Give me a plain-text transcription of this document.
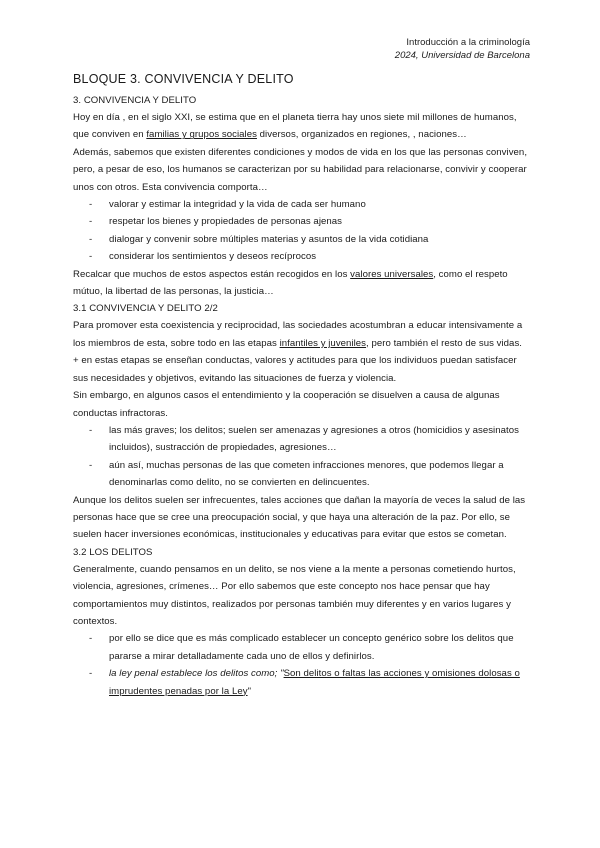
Introducción a la criminología
2024, Universidad de Barcelona
BLOQUE 3. CONVIVENCIA Y DELITO
3. CONVIVENCIA Y DELITO

Hoy en día , en el siglo XXI, se estima que en el planeta tierra hay unos siete mil millones de humanos, que conviven en familias y grupos sociales diversos, organizados en regiones, , naciones…

Además, sabemos que existen diferentes condiciones y modos de vida en los que las personas conviven, pero, a pesar de eso, los humanos se caracterizan por su habilidad para relacionarse, convivir y cooperar unos con otros. Esta convivencia comporta…

- valorar y estimar la integridad y la vida de cada ser humano
- respetar los bienes y propiedades de personas ajenas
- dialogar y convenir sobre múltiples materias y asuntos de la vida cotidiana
- considerar los sentimientos y deseos recíprocos

Recalcar que muchos de estos aspectos están recogidos en los valores universales, como el respeto mútuo, la libertad de las personas, la justicia…

3.1 CONVIVENCIA Y DELITO 2/2

Para promover esta coexistencia y reciprocidad, las sociedades acostumbran a educar intensivamente a los miembros de esta, sobre todo en las etapas infantiles y juveniles, pero también el resto de sus vidas.

+ en estas etapas se enseñan conductas, valores y actitudes para que los individuos puedan satisfacer sus necesidades y objetivos, evitando las situaciones de fuerza y violencia.

Sin embargo, en algunos casos el entendimiento y la cooperación se disuelven a causa de algunas conductas infractoras.

- las más graves; los delitos; suelen ser amenazas y agresiones a otros (homicidios y asesinatos incluidos), sustracción de propiedades, agresiones…
- aún así, muchas personas de las que cometen infracciones menores, que podemos llegar a denominarlas como delito, no se convierten en delincuentes.

Aunque los delitos suelen ser infrecuentes, tales acciones que dañan la mayoría de veces la salud de las personas hace que se cree una preocupación social, y que haya una alteración de la paz. Por ello, se suelen hacer inversiones económicas, institucionales y educativas para evitar que estos se cometan.

3.2 LOS DELITOS

Generalmente, cuando pensamos en un delito, se nos viene a la mente a personas cometiendo hurtos, violencia, agresiones, crímenes… Por ello sabemos que este concepto nos hace pensar que hay comportamientos muy distintos, realizados por personas también muy diferentes y en varios lugares y contextos.

- por ello se dice que es más complicado establecer un concepto genérico sobre los delitos que pararse a mirar detalladamente cada uno de ellos y definirlos.
- la ley penal establece los delitos como; "Son delitos o faltas las acciones y omisiones dolosas o imprudentes penadas por la Ley"
